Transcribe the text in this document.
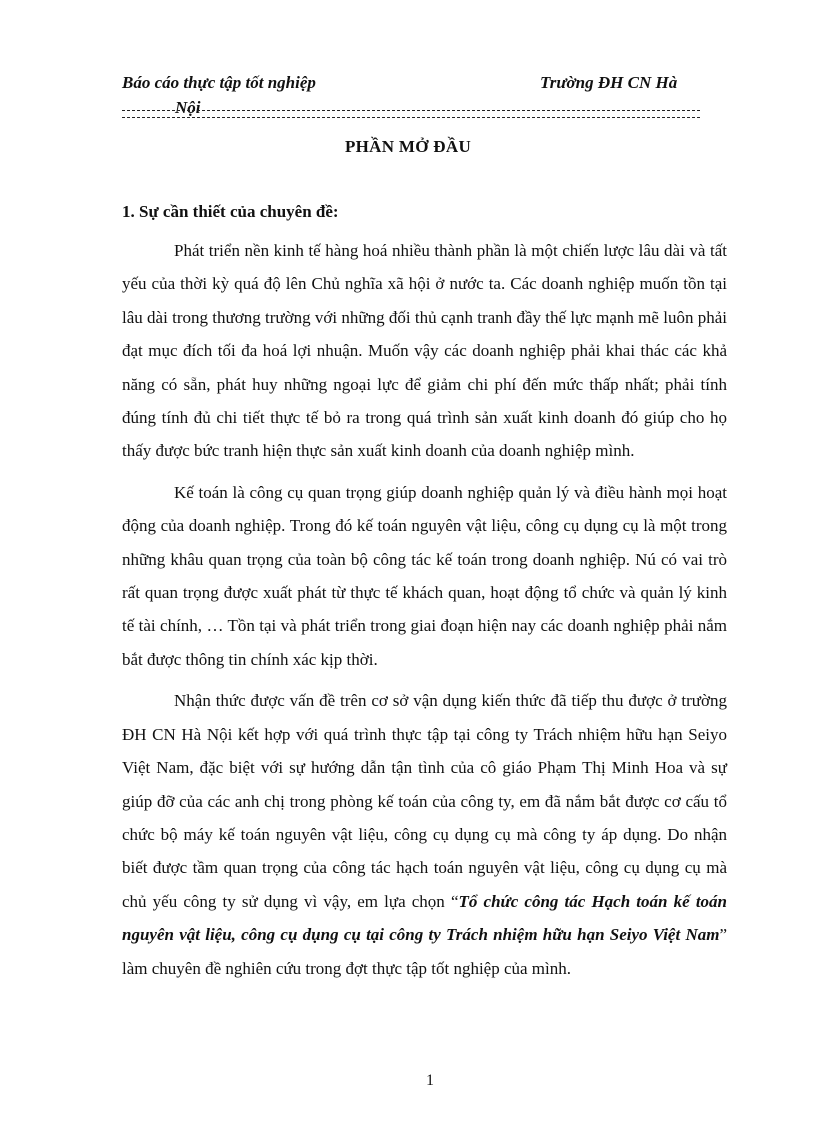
Báo cáo thực tập tốt nghiệp
Nội
Trường ĐH CN Hà
PHẦN MỞ ĐẦU
1. Sự cần thiết của chuyên đề:

Phát triển nền kinh tế hàng hoá nhiều thành phần là một chiến lược lâu dài và tất yếu của thời kỳ quá độ lên Chủ nghĩa xã hội ở nước ta. Các doanh nghiệp muốn tồn tại lâu dài trong thương trường với những đối thủ cạnh tranh đầy thế lực mạnh mẽ luôn phải đạt mục đích tối đa hoá lợi nhuận. Muốn vậy các doanh nghiệp phải khai thác các khả năng có sẵn, phát huy những ngoại lực để giảm chi phí đến mức thấp nhất; phải tính đúng tính đủ chi tiết thực tế bỏ ra trong quá trình sản xuất kinh doanh đó giúp cho họ thấy được bức tranh hiện thực sản xuất kinh doanh của doanh nghiệp mình.

Kế toán là công cụ quan trọng giúp doanh nghiệp quản lý và điều hành mọi hoạt động của doanh nghiệp. Trong đó kế toán nguyên vật liệu, công cụ dụng cụ là một trong những khâu quan trọng của toàn bộ công tác kế toán trong doanh nghiệp. Nú có vai trò rất quan trọng được xuất phát từ thực tế khách quan, hoạt động tổ chức và quản lý kinh tế tài chính, … Tồn tại và phát triển trong giai đoạn hiện nay các doanh nghiệp phải nắm bắt được thông tin chính xác kịp thời.

Nhận thức được vấn đề trên cơ sở vận dụng kiến thức đã tiếp thu được ở trường ĐH CN Hà Nội kết hợp với quá trình thực tập tại công ty Trách nhiệm hữu hạn Seiyo Việt Nam, đặc biệt với sự hướng dẫn tận tình của cô giáo Phạm Thị Minh Hoa và sự giúp đỡ của các anh chị trong phòng kế toán của công ty, em đã nắm bắt được cơ cấu tổ chức bộ máy kế toán nguyên vật liệu, công cụ dụng cụ mà công ty áp dụng. Do nhận biết được tầm quan trọng của công tác hạch toán nguyên vật liệu, công cụ dụng cụ mà chủ yếu công ty sử dụng vì vậy, em lựa chọn “Tổ chức công tác Hạch toán kế toán nguyên vật liệu, công cụ dụng cụ tại công ty Trách nhiệm hữu hạn Seiyo Việt Nam” làm chuyên đề nghiên cứu trong đợt thực tập tốt nghiệp của mình.

1
